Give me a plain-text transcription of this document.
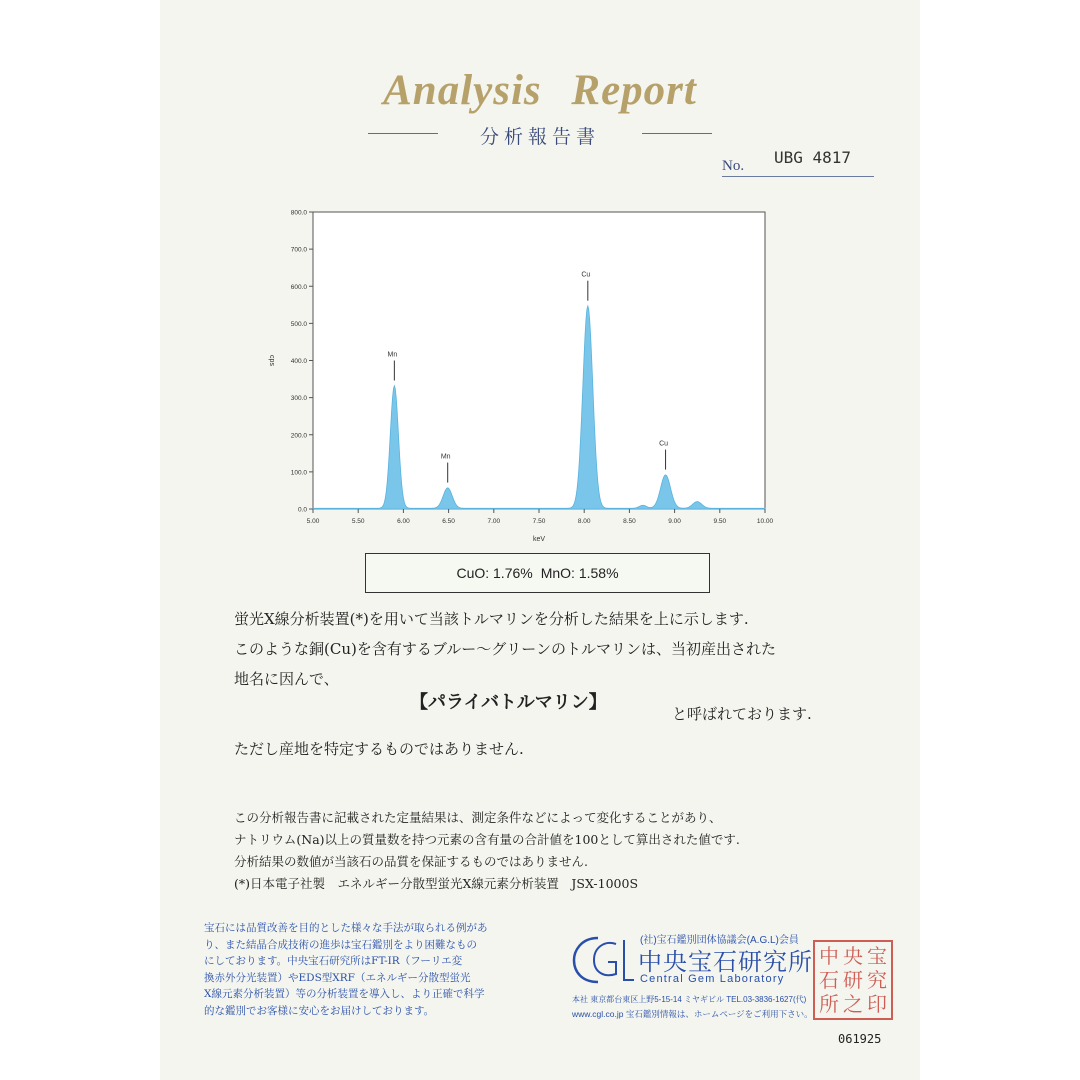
Analysis Report
分析報告書
No. UBG 4817
5.00	5.50	6.00	6.50	7.00	7.50	8.00	8.50	9.00	9.50	10.00
0.0
100.0
200.0
300.0
400.0
500.0
600.0
700.0
800.0
keV
cps
Mn
Mn
Cu
Cu
CuO: 1.76% MnO: 1.58%
蛍光X線分析装置(*)を用いて当該トルマリンを分析した結果を上に示します.
このような銅(Cu)を含有するブルー〜グリーンのトルマリンは、当初産出された
地名に因んで、
【パライバトルマリン】
と呼ばれております.
ただし産地を特定するものではありません.
この分析報告書に記載された定量結果は、測定条件などによって変化することがあり、
ナトリウム(Na)以上の質量数を持つ元素の含有量の合計値を100として算出された値です.
分析結果の数値が当該石の品質を保証するものではありません.
(*)日本電子社製　エネルギー分散型蛍光X線元素分析装置　JSX-1000S
宝石には品質改善を目的とした様々な手法が取られる例があ
り、また結晶合成技術の進歩は宝石鑑別をより困難なもの
にしております。中央宝石研究所はFT-IR（フーリエ変
換赤外分光装置）やEDS型XRF（エネルギー分散型蛍光
X線元素分析装置）等の分析装置を導入し、より正確で科学
的な鑑別でお客様に安心をお届けしております。
(社)宝石鑑別団体協議会(A.G.L)会員
中央宝石研究所
Central Gem Laboratory
本社 東京都台東区上野5-15-14 ミヤギビル TEL.03-3836-1627(代)
www.cgl.co.jp 宝石鑑別情報は、ホームページをご利用下さい。
中 央 宝
石 研 究
所 之 印
061925
